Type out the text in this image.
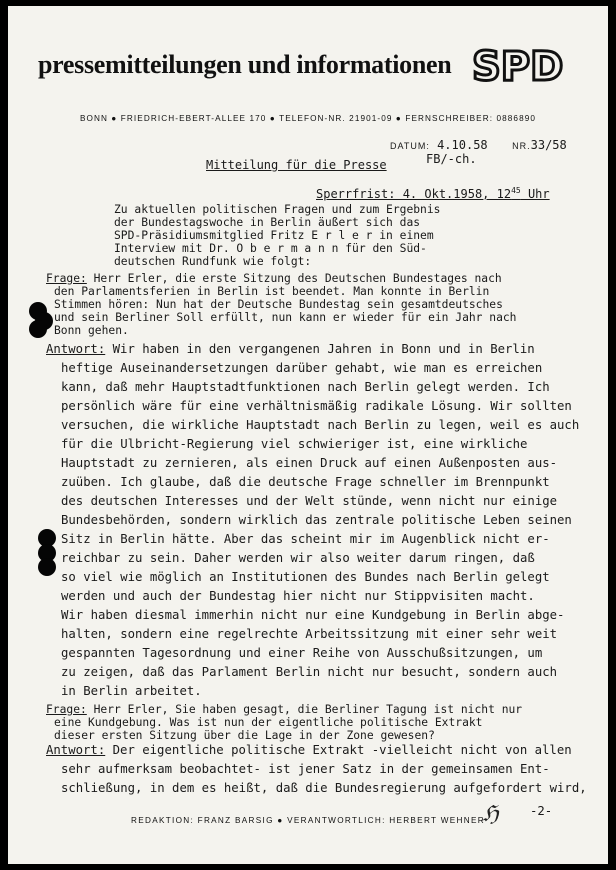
pressemitteilungen und informationen SPD
BONN ● FRIEDRICH-EBERT-ALLEE 170 ● TELEFON-NR. 21901-09 ● FERNSCHREIBER: 0886890
DATUM: 4.10.58	NR.33/58
FB/-ch.
Mitteilung für die Presse
Sperrfrist: 4. Okt.1958, $12^{45}$ Uhr
Zu aktuellen politischen Fragen und zum Ergebnis
der Bundestagswoche in Berlin äußert sich das
SPD-Präsidiumsmitglied Fritz E r l e r in einem
Interview mit Dr. O b e r m a n n für den Süd-
deutschen Rundfunk wie folgt:
Frage: Herr Erler, die erste Sitzung des Deutschen Bundestages nach
den Parlamentsferien in Berlin ist beendet. Man konnte in Berlin
Stimmen hören: Nun hat der Deutsche Bundestag sein gesamtdeutsches
und sein Berliner Soll erfüllt, nun kann er wieder für ein Jahr nach
Bonn gehen.
Antwort: Wir haben in den vergangenen Jahren in Bonn und in Berlin
heftige Auseinandersetzungen darüber gehabt, wie man es erreichen
kann, daß mehr Hauptstadtfunktionen nach Berlin gelegt werden. Ich
persönlich wäre für eine verhältnismäßig radikale Lösung. Wir sollten
versuchen, die wirkliche Hauptstadt nach Berlin zu legen, weil es auch
für die Ulbricht-Regierung viel schwieriger ist, eine wirkliche
Hauptstadt zu zernieren, als einen Druck auf einen Außenposten aus-
zuüben. Ich glaube, daß die deutsche Frage schneller im Brennpunkt
des deutschen Interesses und der Welt stünde, wenn nicht nur einige
Bundesbehörden, sondern wirklich das zentrale politische Leben seinen
Sitz in Berlin hätte. Aber das scheint mir im Augenblick nicht er-
reichbar zu sein. Daher werden wir also weiter darum ringen, daß
so viel wie möglich an Institutionen des Bundes nach Berlin gelegt
werden und auch der Bundestag hier nicht nur Stippvisiten macht.
Wir haben diesmal immerhin nicht nur eine Kundgebung in Berlin abge-
halten, sondern eine regelrechte Arbeitssitzung mit einer sehr weit
gespannten Tagesordnung und einer Reihe von Ausschußsitzungen, um
zu zeigen, daß das Parlament Berlin nicht nur besucht, sondern auch
in Berlin arbeitet.
Frage: Herr Erler, Sie haben gesagt, die Berliner Tagung ist nicht nur
eine Kundgebung. Was ist nun der eigentliche politische Extrakt
dieser ersten Sitzung über die Lage in der Zone gewesen?
Antwort: Der eigentliche politische Extrakt -vielleicht nicht von allen
sehr aufmerksam beobachtet- ist jener Satz in der gemeinsamen Ent-
schließung, in dem es heißt, daß die Bundesregierung aufgefordert wird,
ℌ	-2-
REDAKTION: FRANZ BARSIG ● VERANTWORTLICH: HERBERT WEHNER
